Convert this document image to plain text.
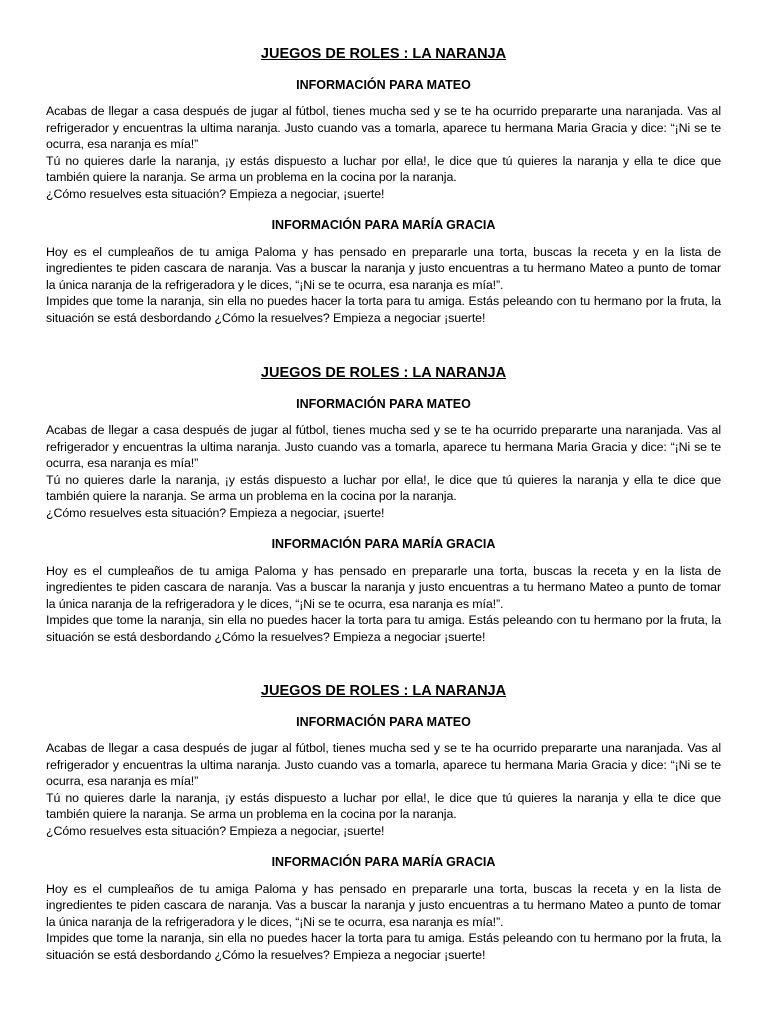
JUEGOS DE ROLES : LA NARANJA
INFORMACIÓN PARA MATEO

Acabas de llegar a casa después de jugar al fútbol, tienes mucha sed y se te ha ocurrido prepararte una naranjada. Vas al refrigerador y encuentras la ultima naranja. Justo cuando vas a tomarla, aparece tu hermana Maria Gracia y dice: “¡Ni se te ocurra, esa naranja es mía!”

Tú no quieres darle la naranja, ¡y estás dispuesto a luchar por ella!, le dice que tú quieres la naranja y ella te dice que también quiere la naranja. Se arma un problema en la cocina por la naranja.

¿Cómo resuelves esta situación? Empieza a negociar, ¡suerte!

INFORMACIÓN PARA MARÍA GRACIA

Hoy es el cumpleaños de tu amiga Paloma y has pensado en prepararle una torta, buscas la receta y en la lista de ingredientes te piden cascara de naranja. Vas a buscar la naranja y justo encuentras a tu hermano Mateo a punto de tomar la única naranja de la refrigeradora y le dices, “¡Ni se te ocurra, esa naranja es mía!”.

Impides que tome la naranja, sin ella no puedes hacer la torta para tu amiga. Estás peleando con tu hermano por la fruta, la situación se está desbordando ¿Cómo la resuelves? Empieza a negociar ¡suerte!

JUEGOS DE ROLES : LA NARANJA
INFORMACIÓN PARA MATEO

Acabas de llegar a casa después de jugar al fútbol, tienes mucha sed y se te ha ocurrido prepararte una naranjada. Vas al refrigerador y encuentras la ultima naranja. Justo cuando vas a tomarla, aparece tu hermana Maria Gracia y dice: “¡Ni se te ocurra, esa naranja es mía!”

Tú no quieres darle la naranja, ¡y estás dispuesto a luchar por ella!, le dice que tú quieres la naranja y ella te dice que también quiere la naranja. Se arma un problema en la cocina por la naranja.

¿Cómo resuelves esta situación? Empieza a negociar, ¡suerte!

INFORMACIÓN PARA MARÍA GRACIA

Hoy es el cumpleaños de tu amiga Paloma y has pensado en prepararle una torta, buscas la receta y en la lista de ingredientes te piden cascara de naranja. Vas a buscar la naranja y justo encuentras a tu hermano Mateo a punto de tomar la única naranja de la refrigeradora y le dices, “¡Ni se te ocurra, esa naranja es mía!”.

Impides que tome la naranja, sin ella no puedes hacer la torta para tu amiga. Estás peleando con tu hermano por la fruta, la situación se está desbordando ¿Cómo la resuelves? Empieza a negociar ¡suerte!

JUEGOS DE ROLES : LA NARANJA
INFORMACIÓN PARA MATEO

Acabas de llegar a casa después de jugar al fútbol, tienes mucha sed y se te ha ocurrido prepararte una naranjada. Vas al refrigerador y encuentras la ultima naranja. Justo cuando vas a tomarla, aparece tu hermana Maria Gracia y dice: “¡Ni se te ocurra, esa naranja es mía!”

Tú no quieres darle la naranja, ¡y estás dispuesto a luchar por ella!, le dice que tú quieres la naranja y ella te dice que también quiere la naranja. Se arma un problema en la cocina por la naranja.

¿Cómo resuelves esta situación? Empieza a negociar, ¡suerte!

INFORMACIÓN PARA MARÍA GRACIA

Hoy es el cumpleaños de tu amiga Paloma y has pensado en prepararle una torta, buscas la receta y en la lista de ingredientes te piden cascara de naranja. Vas a buscar la naranja y justo encuentras a tu hermano Mateo a punto de tomar la única naranja de la refrigeradora y le dices, “¡Ni se te ocurra, esa naranja es mía!”.

Impides que tome la naranja, sin ella no puedes hacer la torta para tu amiga. Estás peleando con tu hermano por la fruta, la situación se está desbordando ¿Cómo la resuelves? Empieza a negociar ¡suerte!
